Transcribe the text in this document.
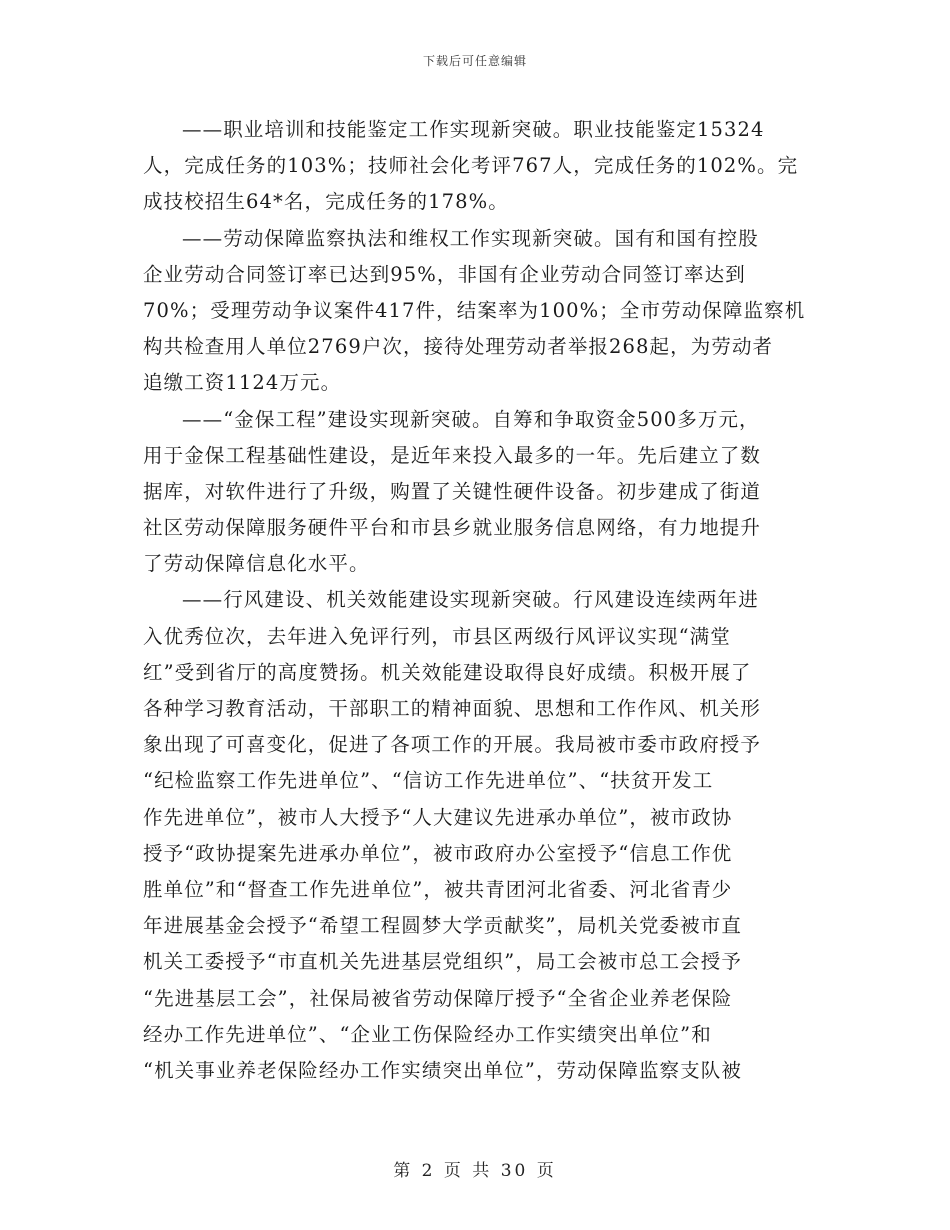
下载后可任意编辑
——职业培训和技能鉴定工作实现新突破。职业技能鉴定15324
人，完成任务的103%；技师社会化考评767人，完成任务的102%。完
成技校招生64*名，完成任务的178%。
——劳动保障监察执法和维权工作实现新突破。国有和国有控股
企业劳动合同签订率已达到95%，非国有企业劳动合同签订率达到
70%；受理劳动争议案件417件，结案率为100%；全市劳动保障监察机
构共检查用人单位2769户次，接待处理劳动者举报268起，为劳动者
追缴工资1124万元。
——“金保工程”建设实现新突破。自筹和争取资金500多万元，
用于金保工程基础性建设，是近年来投入最多的一年。先后建立了数
据库，对软件进行了升级，购置了关键性硬件设备。初步建成了街道
社区劳动保障服务硬件平台和市县乡就业服务信息网络，有力地提升
了劳动保障信息化水平。
——行风建设、机关效能建设实现新突破。行风建设连续两年进
入优秀位次，去年进入免评行列，市县区两级行风评议实现“满堂
红”受到省厅的高度赞扬。机关效能建设取得良好成绩。积极开展了
各种学习教育活动，干部职工的精神面貌、思想和工作作风、机关形
象出现了可喜变化，促进了各项工作的开展。我局被市委市政府授予
“纪检监察工作先进单位”、“信访工作先进单位”、“扶贫开发工
作先进单位”，被市人大授予“人大建议先进承办单位”，被市政协
授予“政协提案先进承办单位”，被市政府办公室授予“信息工作优
胜单位”和“督查工作先进单位”，被共青团河北省委、河北省青少
年进展基金会授予“希望工程圆梦大学贡献奖”，局机关党委被市直
机关工委授予“市直机关先进基层党组织”，局工会被市总工会授予
“先进基层工会”，社保局被省劳动保障厅授予“全省企业养老保险
经办工作先进单位”、“企业工伤保险经办工作实绩突出单位”和
“机关事业养老保险经办工作实绩突出单位”，劳动保障监察支队被
第 2 页 共 30 页
